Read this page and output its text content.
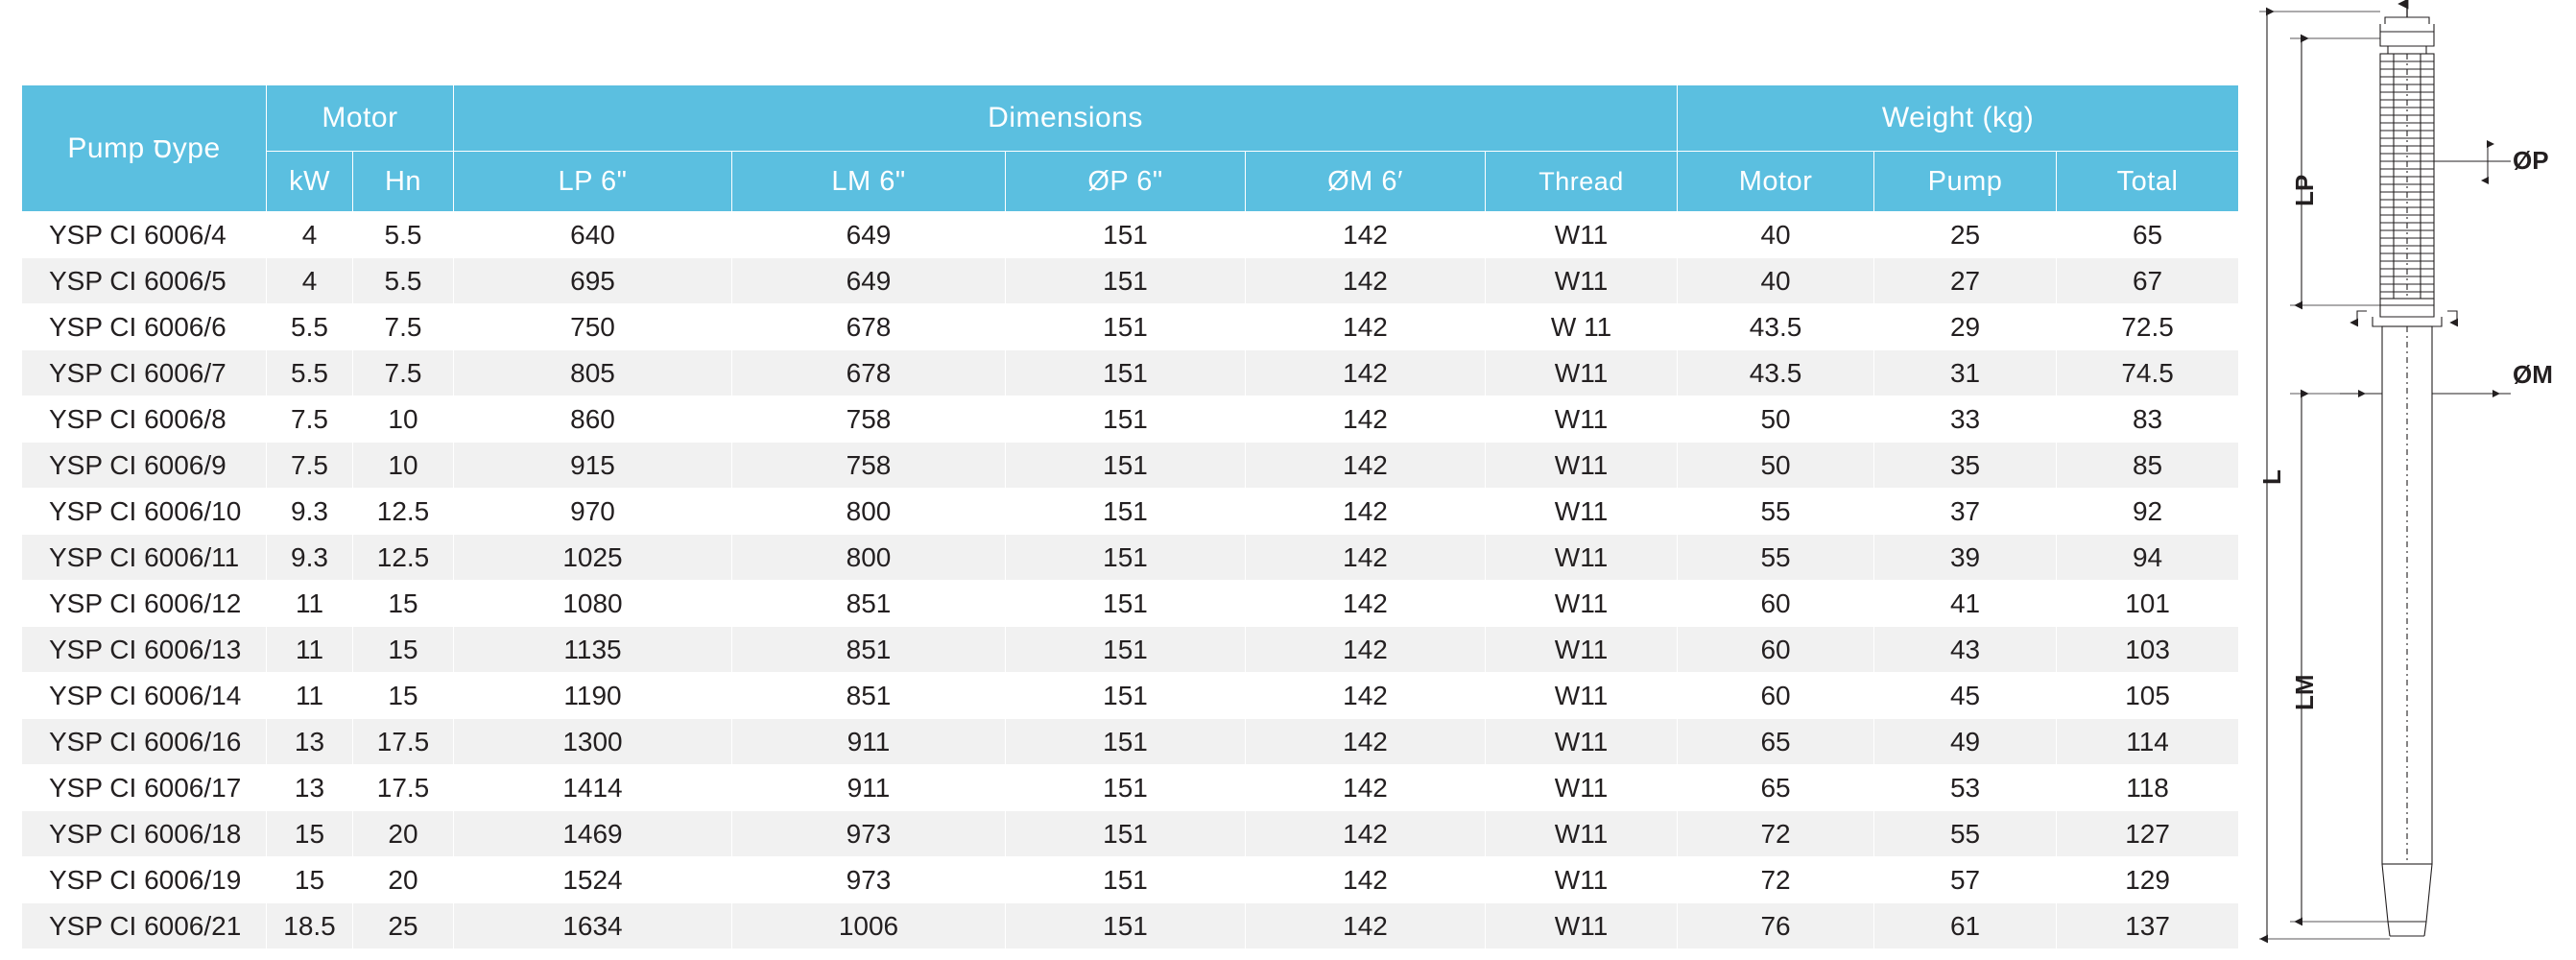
Pump סype	Motor		Dimensions					Weight (kg)		
	kW	Hn	LP 6"	LM 6"	ØP 6"	ØM 6′	Thread	Motor	Pump	Total
YSP CI 6006/4	4	5.5	640	649	151	142	W11	40	25	65
YSP CI 6006/5	4	5.5	695	649	151	142	W11	40	27	67
YSP CI 6006/6	5.5	7.5	750	678	151	142	W 11	43.5	29	72.5
YSP CI 6006/7	5.5	7.5	805	678	151	142	W11	43.5	31	74.5
YSP CI 6006/8	7.5	10	860	758	151	142	W11	50	33	83
YSP CI 6006/9	7.5	10	915	758	151	142	W11	50	35	85
YSP CI 6006/10	9.3	12.5	970	800	151	142	W11	55	37	92
YSP CI 6006/11	9.3	12.5	1025	800	151	142	W11	55	39	94
YSP CI 6006/12	11	15	1080	851	151	142	W11	60	41	101
YSP CI 6006/13	11	15	1135	851	151	142	W11	60	43	103
YSP CI 6006/14	11	15	1190	851	151	142	W11	60	45	105
YSP CI 6006/16	13	17.5	1300	911	151	142	W11	65	49	114
YSP CI 6006/17	13	17.5	1414	911	151	142	W11	65	53	118
YSP CI 6006/18	15	20	1469	973	151	142	W11	72	55	127
YSP CI 6006/19	15	20	1524	973	151	142	W11	72	57	129
YSP CI 6006/21	18.5	25	1634	1006	151	142	W11	76	61	137
LP
LM
L
ØP
ØM
